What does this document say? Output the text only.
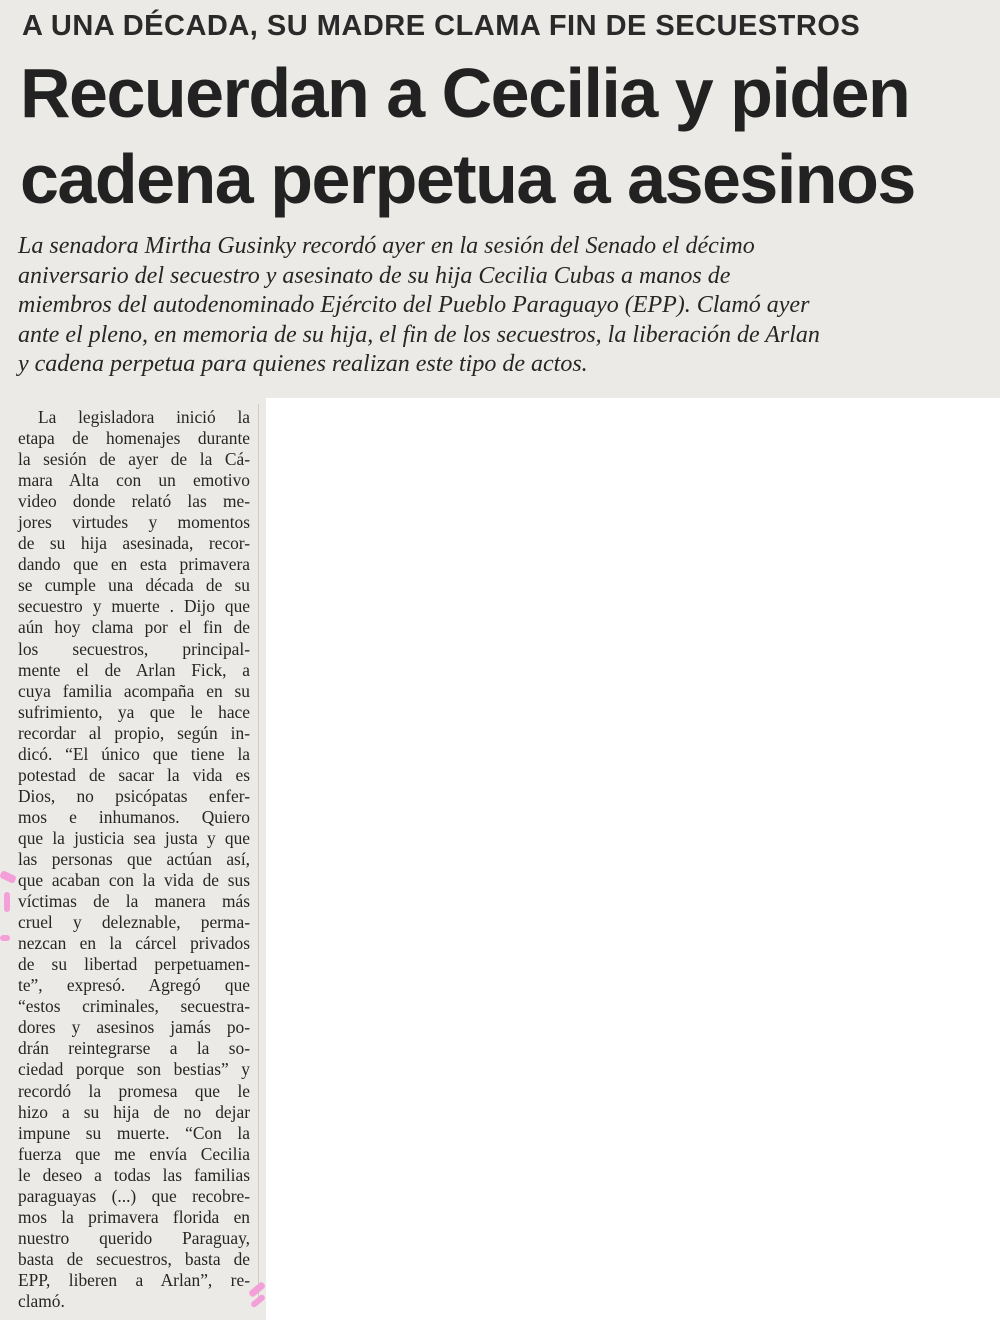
A UNA DÉCADA, SU MADRE CLAMA FIN DE SECUESTROS
Recuerdan a Cecilia y piden
cadena perpetua a asesinos

La senadora Mirtha Gusinky recordó ayer en la sesión del Senado el décimo
aniversario del secuestro y asesinato de su hija Cecilia Cubas a manos de
miembros del autodenominado Ejército del Pueblo Paraguayo (EPP). Clamó ayer
ante el pleno, en memoria de su hija, el fin de los secuestros, la liberación de Arlan
y cadena perpetua para quienes realizan este tipo de actos.

La legisladora inició la
etapa de homenajes durante
la sesión de ayer de la Cá-
mara Alta con un emotivo
video donde relató las me-
jores virtudes y momentos
de su hija asesinada, recor-
dando que en esta primavera
se cumple una década de su
secuestro y muerte . Dijo que
aún hoy clama por el fin de
los secuestros, principal-
mente el de Arlan Fick, a
cuya familia acompaña en su
sufrimiento, ya que le hace
recordar al propio, según in-
dicó. “El único que tiene la
potestad de sacar la vida es
Dios, no psicópatas enfer-
mos e inhumanos. Quiero
que la justicia sea justa y que
las personas que actúan así,
que acaban con la vida de sus
víctimas de la manera más
cruel y deleznable, perma-
nezcan en la cárcel privados
de su libertad perpetuamen-
te”, expresó. Agregó que
“estos criminales, secuestra-
dores y asesinos jamás po-
drán reintegrarse a la so-
ciedad porque son bestias” y
recordó la promesa que le
hizo a su hija de no dejar
impune su muerte. “Con la
fuerza que me envía Cecilia
le deseo a todas las familias
paraguayas (...) que recobre-
mos la primavera florida en
nuestro querido Paraguay,
basta de secuestros, basta de
EPP, liberen a Arlan”, re-
clamó.
